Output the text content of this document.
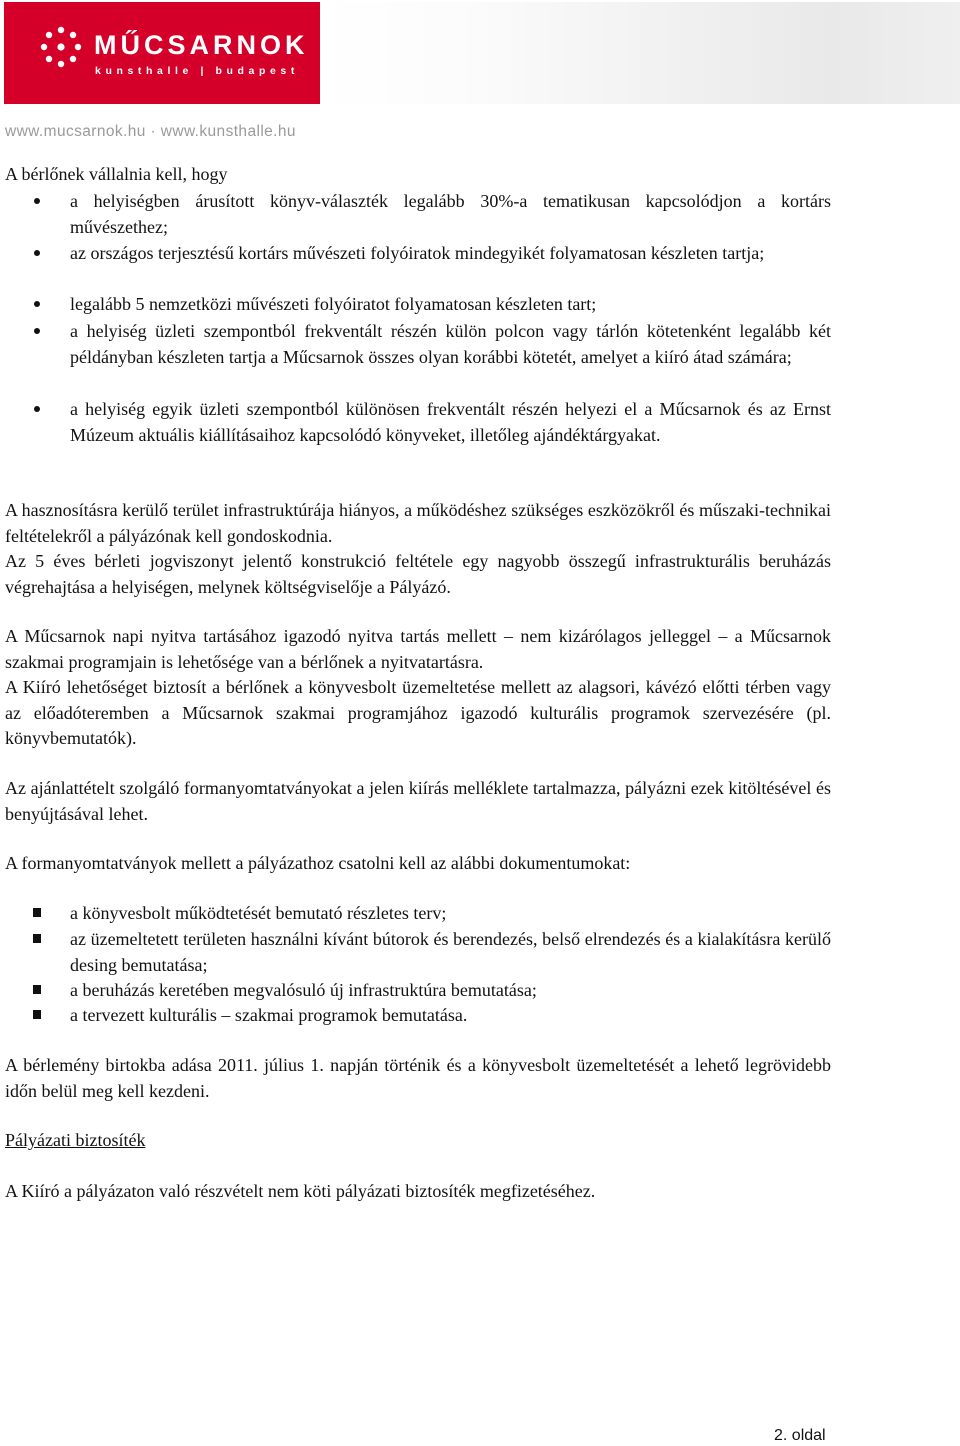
MŰCSARNOK
kunsthalle | budapest
www.mucsarnok.hu · www.kunsthalle.hu
A bérlőnek vállalnia kell, hogy
a helyiségben árusított könyv-választék legalább 30%-a tematikusan kapcsolódjon a kortárs művészethez;
az országos terjesztésű kortárs művészeti folyóiratok mindegyikét folyamatosan készleten tartja;
legalább 5 nemzetközi művészeti folyóiratot folyamatosan készleten tart;
a helyiség üzleti szempontból frekventált részén külön polcon vagy tárlón kötetenként legalább két példányban készleten tartja a Műcsarnok összes olyan korábbi kötetét, amelyet a kiíró átad számára;
a helyiség egyik üzleti szempontból különösen frekventált részén helyezi el a Műcsarnok és az Ernst Múzeum aktuális kiállításaihoz kapcsolódó könyveket, illetőleg ajándéktárgyakat.
A hasznosításra kerülő terület infrastruktúrája hiányos, a működéshez szükséges eszközökről és műszaki-technikai feltételekről a pályázónak kell gondoskodnia.
Az 5 éves bérleti jogviszonyt jelentő konstrukció feltétele egy nagyobb összegű infrastrukturális beruházás végrehajtása a helyiségen, melynek költségviselője a Pályázó.
A Műcsarnok napi nyitva tartásához igazodó nyitva tartás mellett – nem kizárólagos jelleggel – a Műcsarnok szakmai programjain is lehetősége van a bérlőnek a nyitvatartásra.
A Kiíró lehetőséget biztosít a bérlőnek a könyvesbolt üzemeltetése mellett az alagsori, kávézó előtti térben vagy az előadóteremben a Műcsarnok szakmai programjához igazodó kulturális programok szervezésére (pl. könyvbemutatók).
Az ajánlattételt szolgáló formanyomtatványokat a jelen kiírás melléklete tartalmazza, pályázni ezek kitöltésével és benyújtásával lehet.
A formanyomtatványok mellett a pályázathoz csatolni kell az alábbi dokumentumokat:
a könyvesbolt működtetését bemutató részletes terv;
az üzemeltetett területen használni kívánt bútorok és berendezés, belső elrendezés és a kialakításra kerülő desing bemutatása;
a beruházás keretében megvalósuló új infrastruktúra bemutatása;
a tervezett kulturális – szakmai programok bemutatása.
A bérlemény birtokba adása 2011. július 1. napján történik és a könyvesbolt üzemeltetését a lehető legrövidebb időn belül meg kell kezdeni.
Pályázati biztosíték
A Kiíró a pályázaton való részvételt nem köti pályázati biztosíték megfizetéséhez.
2. oldal
